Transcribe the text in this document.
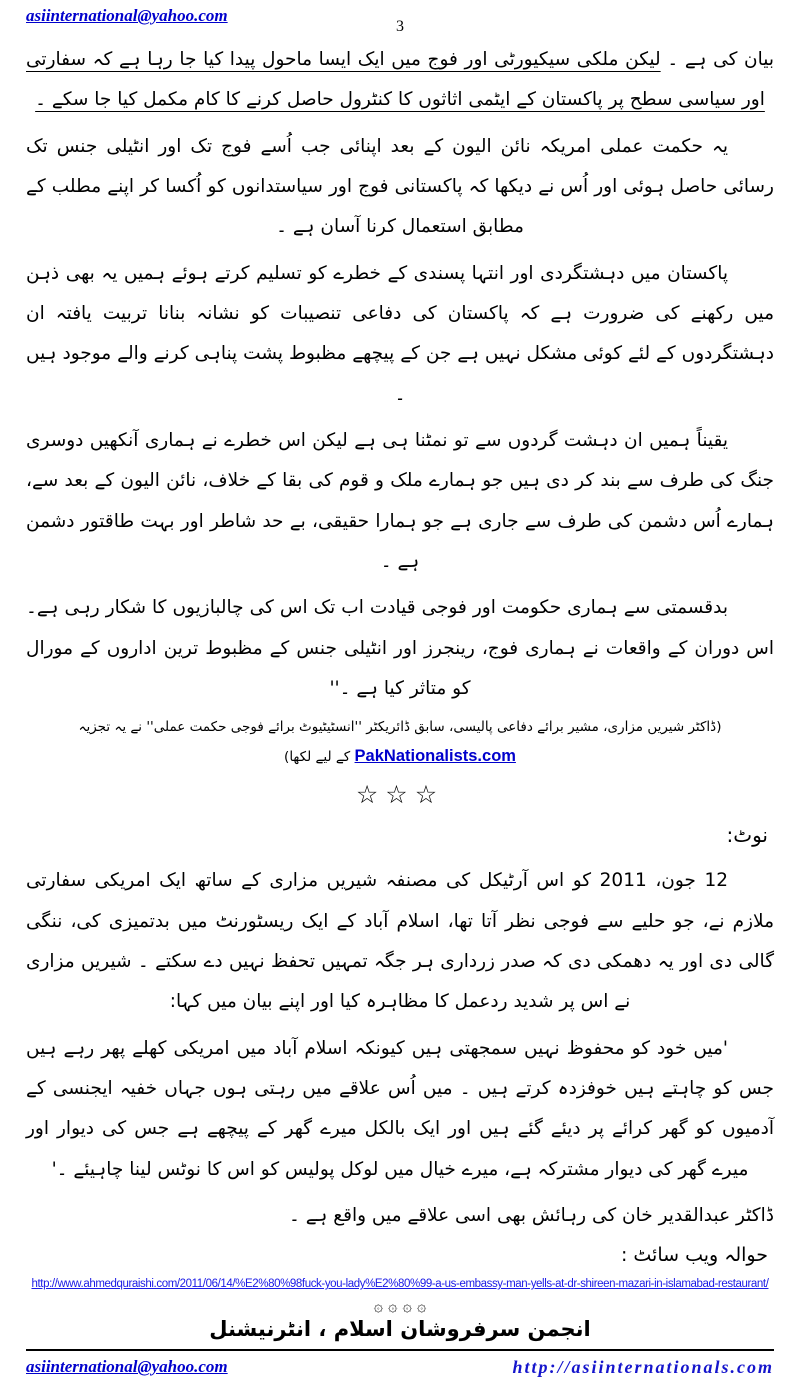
asiinternational@yahoo.com
3

بیان کی ہے ۔ لیکن ملکی سیکیورٹی اور فوج میں ایک ایسا ماحول پیدا کیا جا رہا ہے کہ سفارتی اور سیاسی سطح پر پاکستان کے ایٹمی اثاثوں کا کنٹرول حاصل کرنے کا کام مکمل کیا جا سکے ۔

یہ حکمت عملی امریکہ نائن الیون کے بعد اپنائی جب اُسے فوج تک اور انٹیلی جنس تک رسائی حاصل ہوئی اور اُس نے دیکھا کہ پاکستانی فوج اور سیاستدانوں کو اُکسا کر اپنے مطلب کے مطابق استعمال کرنا آسان ہے ۔

پاکستان میں دہشتگردی اور انتہا پسندی کے خطرے کو تسلیم کرتے ہوئے ہمیں یہ بھی ذہن میں رکھنے کی ضرورت ہے کہ پاکستان کی دفاعی تنصیبات کو نشانہ بنانا تربیت یافتہ ان دہشتگردوں کے لئے کوئی مشکل نہیں ہے جن کے پیچھے مظبوط پشت پناہی کرنے والے موجود ہیں ۔

یقیناً ہمیں ان دہشت گردوں سے تو نمٹنا ہی ہے لیکن اس خطرے نے ہماری آنکھیں دوسری جنگ کی طرف سے بند کر دی ہیں جو ہمارے ملک و قوم کی بقا کے خلاف، نائن الیون کے بعد سے، ہمارے اُس دشمن کی طرف سے جاری ہے جو ہمارا حقیقی، بے حد شاطر اور بہت طاقتور دشمن ہے ۔

بدقسمتی سے ہماری حکومت اور فوجی قیادت اب تک اس کی چالبازیوں کا شکار رہی ہے۔ اس دوران کے واقعات نے ہماری فوج، رینجرز اور انٹیلی جنس کے مظبوط ترین اداروں کے مورال کو متاثر کیا ہے ۔''

(ڈاکٹر شیریں مزاری، مشیر برائے دفاعی پالیسی، سابق ڈائریکٹر ''انسٹیٹیوٹ برائے فوجی حکمت عملی'' نے یہ تجزیہ PakNationalists.com کے لیے لکھا)

☆☆☆
نوٹ:

12 جون، 2011 کو اس آرٹیکل کی مصنفہ شیریں مزاری کے ساتھ ایک امریکی سفارتی ملازم نے، جو حلیے سے فوجی نظر آتا تھا، اسلام آباد کے ایک ریسٹورنٹ میں بدتمیزی کی، ننگی گالی دی اور یہ دھمکی دی کہ صدر زرداری ہر جگہ تمہیں تحفظ نہیں دے سکتے ۔ شیریں مزاری نے اس پر شدید ردعمل کا مظاہرہ کیا اور اپنے بیان میں کہا:

'میں خود کو محفوظ نہیں سمجھتی ہیں کیونکہ اسلام آباد میں امریکی کھلے پھر رہے ہیں جس کو چاہتے ہیں خوفزدہ کرتے ہیں ۔ میں اُس علاقے میں رہتی ہوں جہاں خفیہ ایجنسی کے آدمیوں کو گھر کرائے پر دیئے گئے ہیں اور ایک بالکل میرے گھر کے پیچھے ہے جس کی دیوار اور میرے گھر کی دیوار مشترکہ ہے، میرے خیال میں لوکل پولیس کو اس کا نوٹس لینا چاہیئے ۔'

ڈاکٹر عبدالقدیر خان کی رہائش بھی اسی علاقے میں واقع ہے ۔

حوالہ ویب سائٹ :
http://www.ahmedquraishi.com/2011/06/14/%E2%80%98fuck-you-lady%E2%80%99-a-us-embassy-man-yells-at-dr-shireen-mazari-in-islamabad-restaurant/
۞ ۞ ۞ ۞
انجمن سرفروشان اسلام ، انٹرنیشنل
asiinternational@yahoo.com	http://asiinternationals.com
